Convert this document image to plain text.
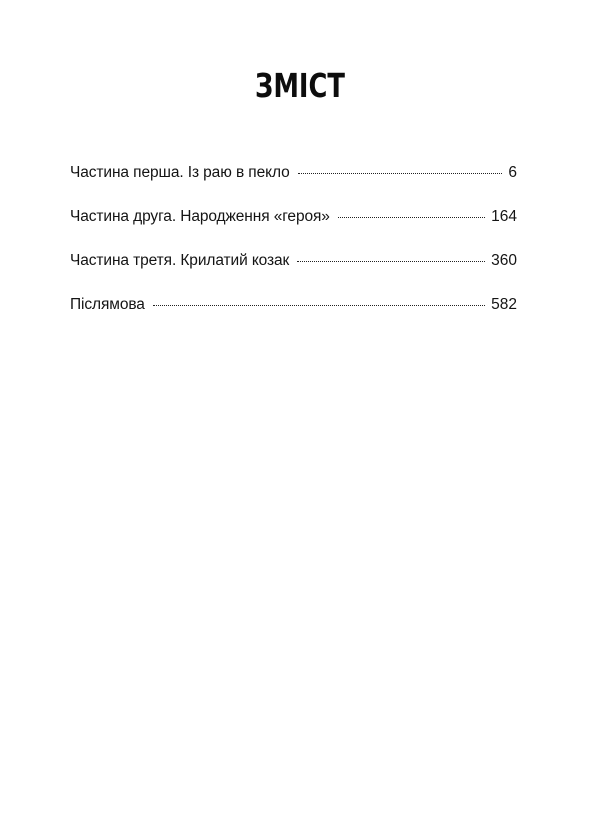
ЗМІСТ
Частина перша. Із раю в пекло	6
Частина друга. Народження «героя»	164
Частина третя. Крилатий козак	360
Післямова	582
